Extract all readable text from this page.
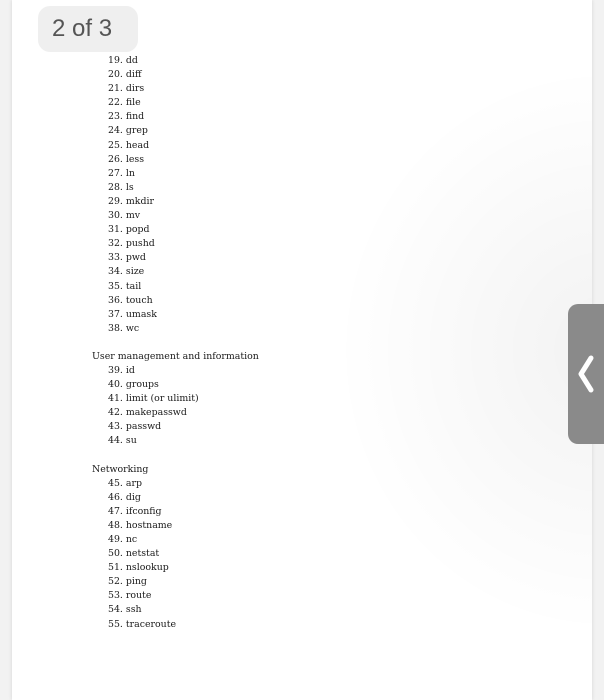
19. dd
20. diff
21. dirs
22. file
23. find
24. grep
25. head
26. less
27. ln
28. ls
29. mkdir
30. mv
31. popd
32. pushd
33. pwd
34. size
35. tail
36. touch
37. umask
38. wc
User management and information
39. id
40. groups
41. limit (or ulimit)
42. makepasswd
43. passwd
44. su
Networking
45. arp
46. dig
47. ifconfig
48. hostname
49. nc
50. netstat
51. nslookup
52. ping
53. route
54. ssh
55. traceroute
2 of 3
